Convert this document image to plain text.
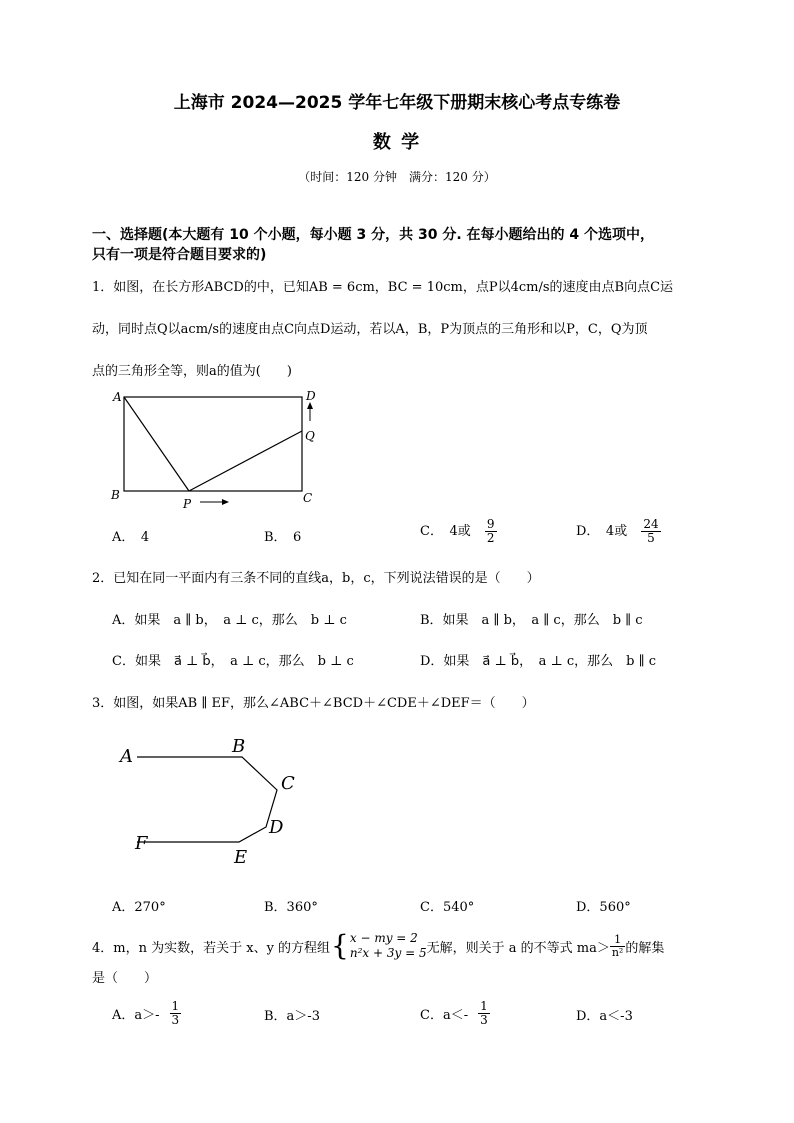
上海市 2024—2025 学年七年级下册期末核心考点专练卷
数 学
（时间：120 分钟　满分：120 分）
一、选择题(本大题有 10 个小题，每小题 3 分，共 30 分. 在每小题给出的 4 个选项中，
只有一项是符合题目要求的)
1．如图，在长方形ABCD的中，已知AB = 6cm，BC = 10cm，点P以4cm/s的速度由点B向点C运
动，同时点Q以acm/s的速度由点C向点D运动，若以A，B，P为顶点的三角形和以P，C，Q为顶
点的三角形全等，则a的值为(　　)
A	D
Q
B	C
P
A．　4	B．　6	C．　4或 $\frac{9}{2}$	D．　4或 $\frac{24}{5}$
2．已知在同一平面内有三条不同的直线a，b，c，下列说法错误的是（　　）
A．如果　a ∥ b，　a ⊥ c，那么　b ⊥ c	B．如果　a ∥ b，　a ∥ c，那么　b ∥ c
C．如果　a⃗ ⊥ b⃗，　a ⊥ c，那么　b ⊥ c	D．如果　a⃗ ⊥ b⃗，　a ⊥ c，那么　b ∥ c
3．如图，如果AB ∥ EF，那么∠ABC＋∠BCD＋∠CDE＋∠DEF＝（　　）
A	B
C
D
E
F
A．270°	B．360°	C．540°	D．560°
4．m，n 为实数，若关于 x、y 的方程组 { x − my = 2
n²x + 3y = 5 无解，则关于 a 的不等式 $ma> \frac{1}{\text{n²}}$ 的解集
是（　　）
A．$a>- \frac{1}{3}$	B．a＞-3	C．$a<- \frac{1}{3}$	D．a＜-3
